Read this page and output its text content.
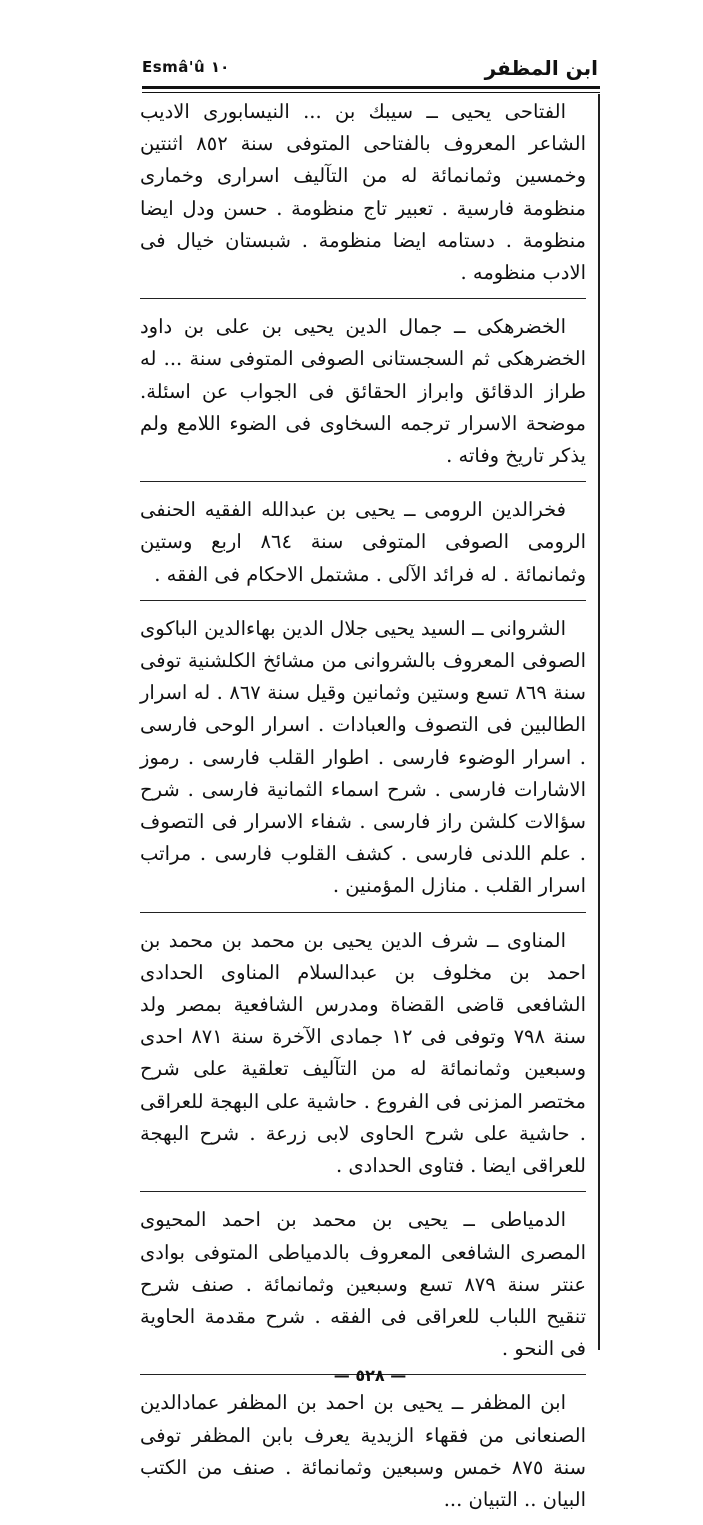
ابن المظفر
Esmâ'û ١٠

الفتاحى يحيى ــ سيبك بن ... النيسابورى الاديب الشاعر المعروف بالفتاحى المتوفى سنة ٨٥٢ اثنتين وخمسين وثمانمائة له من التآليف اسرارى وخمارى منظومة فارسية . تعبير تاج منظومة . حسن ودل ايضا منظومة . دستامه ايضا منظومة . شبستان خيال فى الادب منظومه .

الخضرهكى ــ جمال الدين يحيى بن على بن داود الخضرهكى ثم السجستانى الصوفى المتوفى سنة ... له طراز الدقائق وابراز الحقائق فى الجواب عن اسئلة. موضحة الاسرار ترجمه السخاوى فى الضوء اللامع ولم يذكر تاريخ وفاته .

فخرالدين الرومى ــ يحيى بن عبدالله الفقيه الحنفى الرومى الصوفى المتوفى سنة ٨٦٤ اربع وستين وثمانمائة . له فرائد الآلى . مشتمل الاحكام فى الفقه .

الشروانى ــ السيد يحيى جلال الدين بهاءالدين الباكوى الصوفى المعروف بالشروانى من مشائخ الكلشنية توفى سنة ٨٦٩ تسع وستين وثمانين وقيل سنة ٨٦٧ . له اسرار الطالبين فى التصوف والعبادات . اسرار الوحى فارسى . اسرار الوضوء فارسى . اطوار القلب فارسى . رموز الاشارات فارسى . شرح اسماء الثمانية فارسى . شرح سؤالات كلشن راز فارسى . شفاء الاسرار فى التصوف . علم اللدنى فارسى . كشف القلوب فارسى . مراتب اسرار القلب . منازل المؤمنين .

المناوى ــ شرف الدين يحيى بن محمد بن محمد بن احمد بن مخلوف بن عبدالسلام المناوى الحدادى الشافعى قاضى القضاة ومدرس الشافعية بمصر ولد سنة ٧٩٨ وتوفى فى ١٢ جمادى الآخرة سنة ٨٧١ احدى وسبعين وثمانمائة له من التآليف تعلقية على شرح مختصر المزنى فى الفروع . حاشية على البهجة للعراقى . حاشية على شرح الحاوى لابى زرعة . شرح البهجة للعراقى ايضا . فتاوى الحدادى .

الدمياطى ــ يحيى بن محمد بن احمد المحيوى المصرى الشافعى المعروف بالدمياطى المتوفى بوادى عنتر سنة ٨٧٩ تسع وسبعين وثمانمائة . صنف شرح تنقيح اللباب للعراقى فى الفقه . شرح مقدمة الحاوية فى النحو .

ابن المظفر ــ يحيى بن احمد بن المظفر عمادالدين الصنعانى من فقهاء الزيدية يعرف بابن المظفر توفى سنة ٨٧٥ خمس وسبعين وثمانمائة . صنف من الكتب البيان .. التبيان ...

— ٥٢٨ —
